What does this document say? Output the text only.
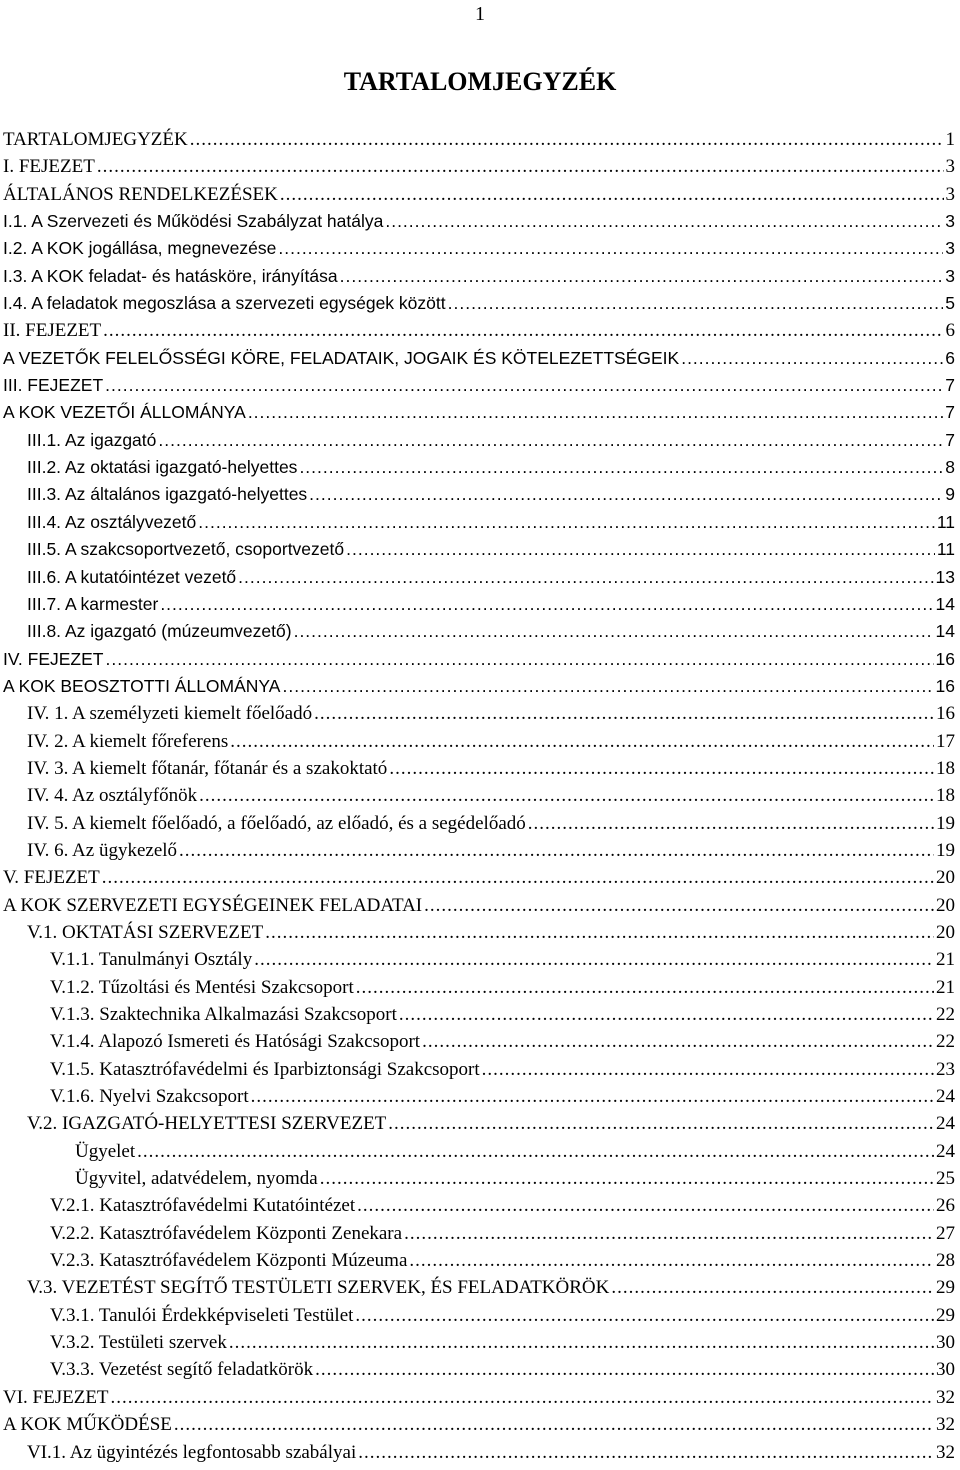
1
TARTALOMJEGYZÉK
TARTALOMJEGYZÉK .....	1
I. FEJEZET .....	3
ÁLTALÁNOS RENDELKEZÉSEK .....	3
I.1. A Szervezeti és Működési Szabályzat hatálya .....	3
I.2. A KOK jogállása, megnevezése .....	3
I.3. A KOK feladat- és hatásköre, irányítása .....	3
I.4. A feladatok megoszlása a szervezeti egységek között .....	5
II. FEJEZET .....	6
A VEZETŐK FELELŐSSÉGI KÖRE, FELADATAIK, JOGAIK ÉS KÖTELEZETTSÉGEIK .....	6
III. FEJEZET .....	7
A KOK VEZETŐI ÁLLOMÁNYA .....	7
III.1. Az igazgató .....	7
III.2. Az oktatási igazgató-helyettes .....	8
III.3. Az általános igazgató-helyettes .....	9
III.4. Az osztályvezető .....	11
III.5. A szakcsoportvezető, csoportvezető .....	11
III.6. A kutatóintézet vezető .....	13
III.7. A karmester .....	14
III.8. Az igazgató (múzeumvezető) .....	14
IV. FEJEZET .....	16
A KOK BEOSZTOTTI ÁLLOMÁNYA .....	16
IV. 1. A személyzeti kiemelt főelőadó .....	16
IV. 2. A kiemelt főreferens .....	17
IV. 3. A kiemelt főtanár, főtanár és a szakoktató .....	18
IV. 4. Az osztályfőnök .....	18
IV. 5. A kiemelt főelőadó, a főelőadó, az előadó, és a segédelőadó .....	19
IV. 6. Az ügykezelő .....	19
V. FEJEZET .....	20
A KOK SZERVEZETI EGYSÉGEINEK FELADATAI .....	20
V.1. OKTATÁSI SZERVEZET .....	20
V.1.1. Tanulmányi Osztály .....	21
V.1.2. Tűzoltási és Mentési Szakcsoport .....	21
V.1.3. Szaktechnika Alkalmazási Szakcsoport .....	22
V.1.4. Alapozó Ismereti és Hatósági Szakcsoport .....	22
V.1.5. Katasztrófavédelmi és Iparbiztonsági Szakcsoport .....	23
V.1.6. Nyelvi Szakcsoport .....	24
V.2. IGAZGATÓ-HELYETTESI SZERVEZET .....	24
Ügyelet .....	24
Ügyvitel, adatvédelem, nyomda .....	25
V.2.1. Katasztrófavédelmi Kutatóintézet .....	26
V.2.2. Katasztrófavédelem Központi Zenekara .....	27
V.2.3. Katasztrófavédelem Központi Múzeuma .....	28
V.3. VEZETÉST SEGÍTŐ TESTÜLETI SZERVEK, ÉS FELADATKÖRÖK .....	29
V.3.1. Tanulói Érdekképviseleti Testület .....	29
V.3.2. Testületi szervek .....	30
V.3.3. Vezetést segítő feladatkörök .....	30
VI. FEJEZET .....	32
A KOK MŰKÖDÉSE .....	32
VI.1. Az ügyintézés legfontosabb szabályai .....	32
